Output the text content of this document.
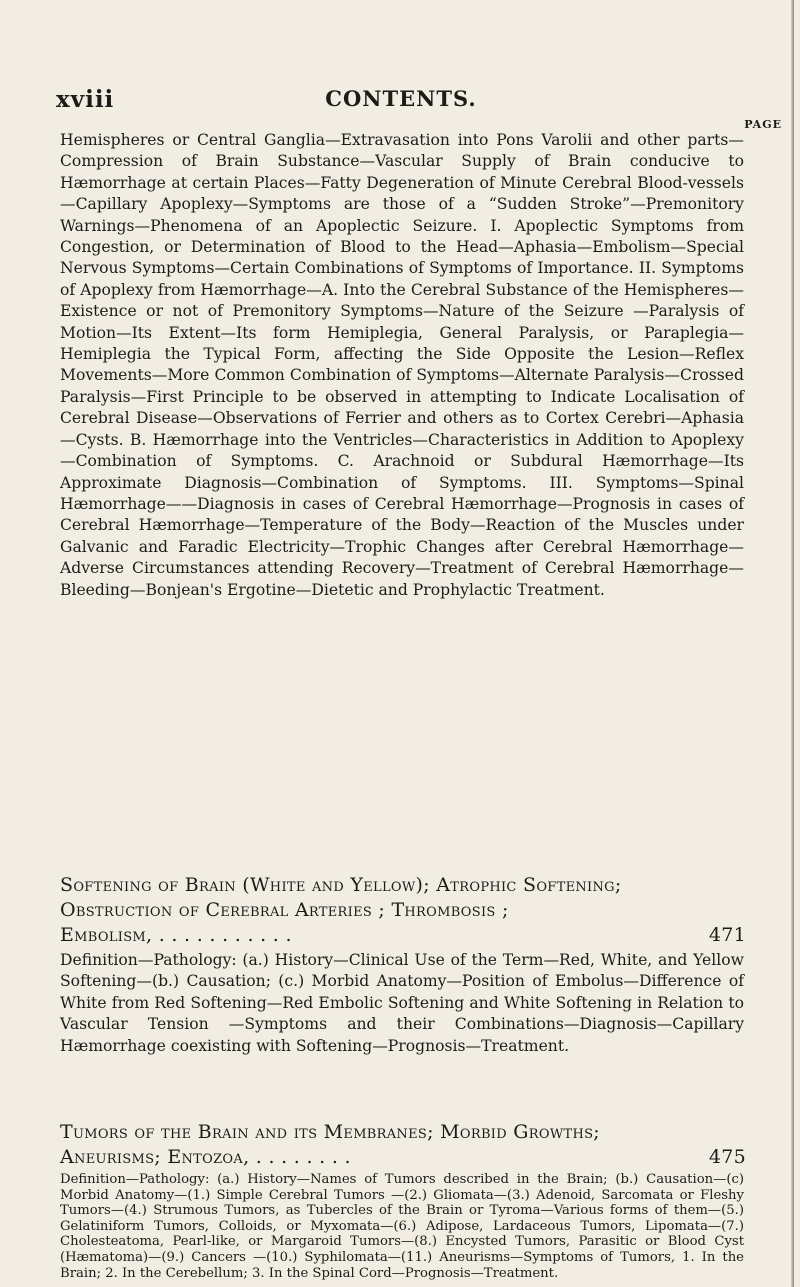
xviii	CONTENTS.
PAGE
Hemispheres or Central Ganglia—Extravasation into Pons Varolii and other parts—Compression of Brain Substance—Vascular Supply of Brain conducive to Hæmorrhage at certain Places—Fatty Degeneration of Minute Cerebral Blood-vessels—Capillary Apoplexy—Symptoms are those of a “Sudden Stroke”—Premonitory Warnings—Phenomena of an Apoplectic Seizure. I. Apoplectic Symptoms from Congestion, or Determination of Blood to the Head—Aphasia—Embolism—Special Nervous Symptoms—Certain Combinations of Symptoms of Importance. II. Symptoms of Apoplexy from Hæmorrhage—A. Into the Cerebral Substance of the Hemispheres—Existence or not of Premonitory Symptoms—Nature of the Seizure —Paralysis of Motion—Its Extent—Its form Hemiplegia, General Paralysis, or Paraplegia—Hemiplegia the Typical Form, affecting the Side Opposite the Lesion—Reflex Movements—More Common Combination of Symptoms—Alternate Paralysis—Crossed Paralysis—First Principle to be observed in attempting to Indicate Localisation of Cerebral Disease—Observations of Ferrier and others as to Cortex Cerebri—Aphasia—Cysts. B. Hæmorrhage into the Ventricles—Characteristics in Addition to Apoplexy—Combination of Symptoms. C. Arachnoid or Subdural Hæmorrhage—Its Approximate Diagnosis—Combination of Symptoms. III. Symptoms—Spinal Hæmorrhage——Diagnosis in cases of Cerebral Hæmorrhage—Prognosis in cases of Cerebral Hæmorrhage—Temperature of the Body—Reaction of the Muscles under Galvanic and Faradic Electricity—Trophic Changes after Cerebral Hæmorrhage—Adverse Circumstances attending Recovery—Treatment of Cerebral Hæmorrhage—Bleeding—Bonjean's Ergotine—Dietetic and Prophylactic Treatment.
Softening of Brain (White and Yellow); Atrophic Softening;
Obstruction of Cerebral Arteries ; Thrombosis ;
Embolism, . . . . . . . . . . .	471
Definition—Pathology: (a.) History—Clinical Use of the Term—Red, White, and Yellow Softening—(b.) Causation; (c.) Morbid Anatomy—Position of Embolus—Difference of White from Red Softening—Red Embolic Softening and White Softening in Relation to Vascular Tension —Symptoms and their Combinations—Diagnosis—Capillary Hæmorrhage coexisting with Softening—Prognosis—Treatment.
Tumors of the Brain and its Membranes; Morbid Growths;
Aneurisms; Entozoa, . . . . . . . .	475
Definition—Pathology: (a.) History—Names of Tumors described in the Brain; (b.) Causation—(c) Morbid Anatomy—(1.) Simple Cerebral Tumors —(2.) Gliomata—(3.) Adenoid, Sarcomata or Fleshy Tumors—(4.) Strumous Tumors, as Tubercles of the Brain or Tyroma—Various forms of them—(5.) Gelatiniform Tumors, Colloids, or Myxomata—(6.) Adipose, Lardaceous Tumors, Lipomata—(7.) Cholesteatoma, Pearl-like, or Margaroid Tumors—(8.) Encysted Tumors, Parasitic or Blood Cyst (Hæmatoma)—(9.) Cancers —(10.) Syphilomata—(11.) Aneurisms—Symptoms of Tumors, 1. In the Brain; 2. In the Cerebellum; 3. In the Spinal Cord—Prognosis—Treatment.
